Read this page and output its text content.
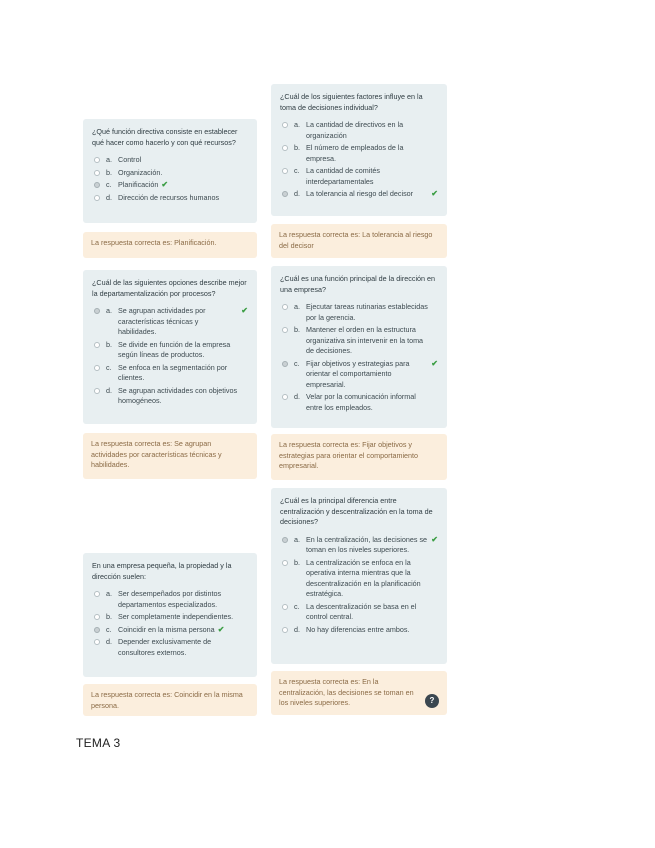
¿Qué función directiva consiste en establecer qué hacer como hacerlo y con qué recursos?

a. Control
b. Organización.
c. Planificación ✔
d. Dirección de recursos humanos
La respuesta correcta es: Planificación.

¿Cuál de los siguientes factores influye en la toma de decisiones individual?

a. La cantidad de directivos en la organización
b. El número de empleados de la empresa.
c. La cantidad de comités interdepartamentales
d. La tolerancia al riesgo del decisor	✔
La respuesta correcta es: La tolerancia al riesgo del decisor

¿Cuál de las siguientes opciones describe mejor la departamentalización por procesos?

a. Se agrupan actividades por características técnicas y habilidades.
✔
b. Se divide en función de la empresa según líneas de productos.
c. Se enfoca en la segmentación por clientes.
d. Se agrupan actividades con objetivos homogéneos.
La respuesta correcta es: Se agrupan actividades por características técnicas y habilidades.

¿Cuál es una función principal de la dirección en una empresa?

a. Ejecutar tareas rutinarias establecidas por la gerencia.
b. Mantener el orden en la estructura organizativa sin intervenir en la toma de decisiones.
c. Fijar objetivos y estrategias para orientar el comportamiento empresarial.
✔
d. Velar por la comunicación informal entre los empleados.
La respuesta correcta es: Fijar objetivos y estrategias para orientar el comportamiento empresarial.

¿Cuál es la principal diferencia entre centralización y descentralización en la toma de decisiones?

a. En la centralización, las decisiones se toman en los niveles superiores.
✔
b. La centralización se enfoca en la operativa interna mientras que la descentralización en la planificación estratégica.
c. La descentralización se basa en el control central.
d. No hay diferencias entre ambos.
La respuesta correcta es: En la centralización, las decisiones se toman en los niveles superiores.	?

En una empresa pequeña, la propiedad y la dirección suelen:

a. Ser desempeñados por distintos departamentos especializados.
b. Ser completamente independientes.
c. Coincidir en la misma persona ✔
d. Depender exclusivamente de consultores externos.
La respuesta correcta es: Coincidir en la misma persona.
TEMA 3
